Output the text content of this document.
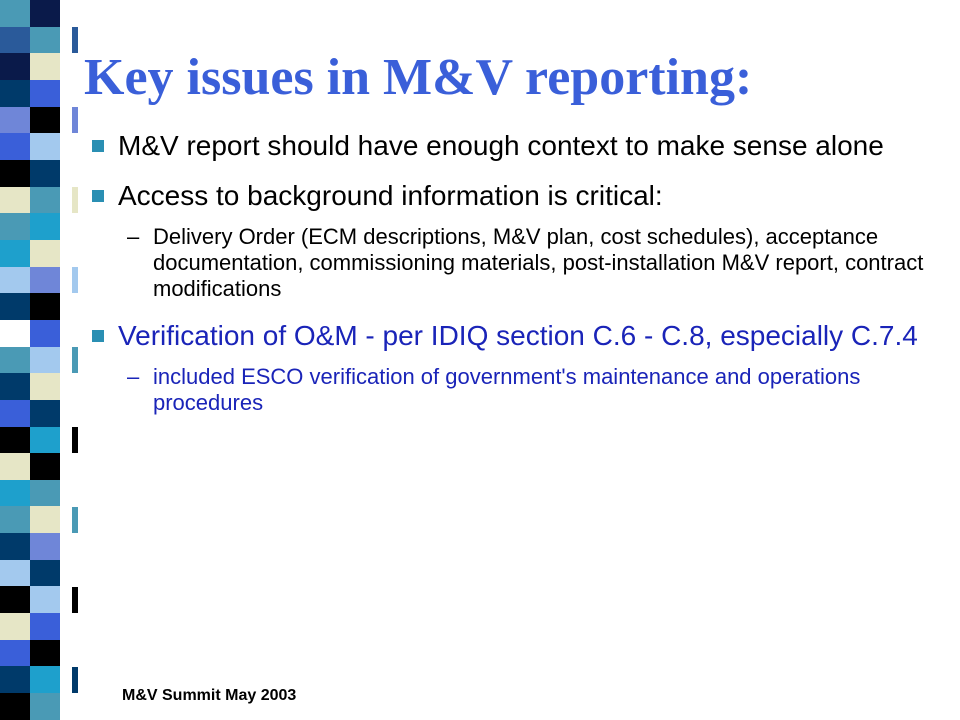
Key issues in M&V reporting:
M&V report should have enough context to make sense alone
Access to background information is critical:
– Delivery Order (ECM descriptions, M&V plan, cost schedules), acceptance documentation, commissioning materials, post-installation M&V report, contract modifications
Verification of O&M - per IDIQ section C.6 - C.8, especially C.7.4
– included ESCO verification of government's maintenance and operations procedures
M&V Summit May 2003
